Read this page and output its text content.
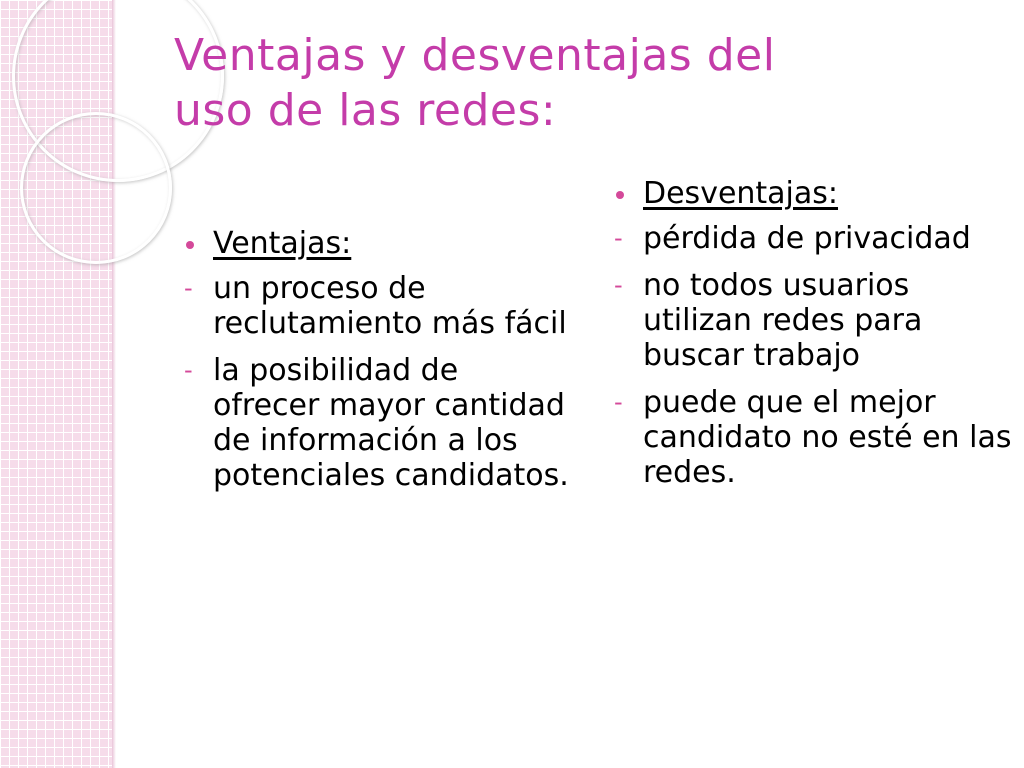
Ventajas y desventajas del
uso de las redes:
Ventajas:
- un proceso de reclutamiento más fácil
- la posibilidad de ofrecer mayor cantidad de información a los potenciales candidatos.
Desventajas:
- pérdida de privacidad
- no todos usuarios utilizan redes para buscar trabajo
- puede que el mejor candidato no esté en las redes.
